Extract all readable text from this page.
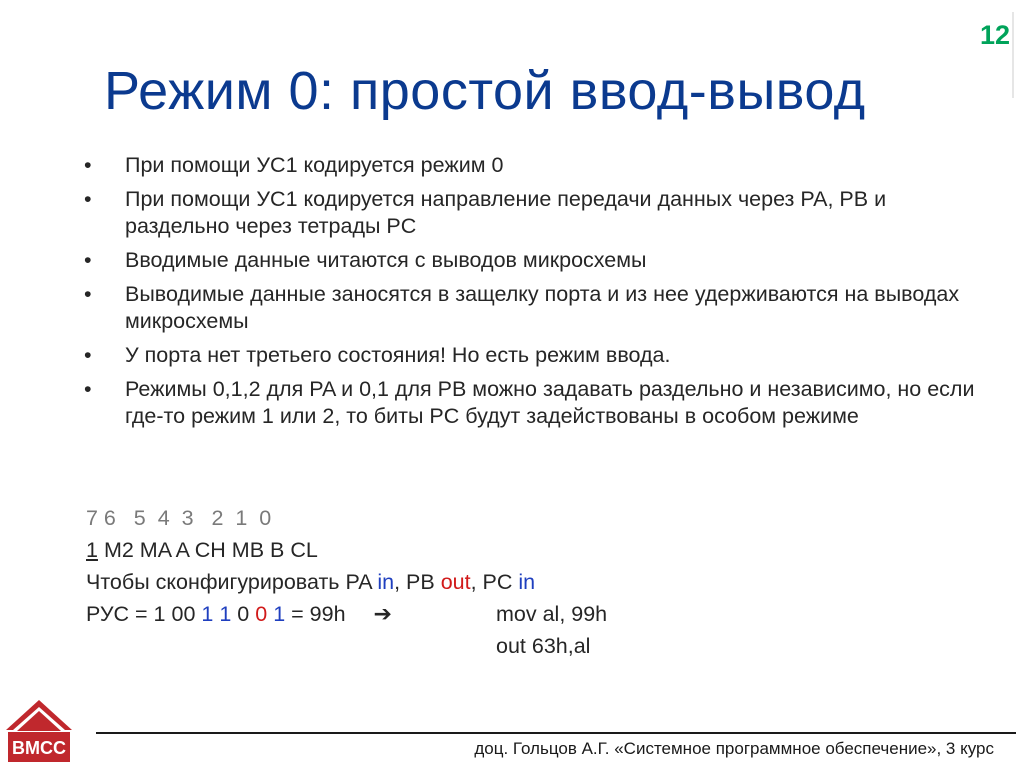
12
Режим 0: простой ввод-вывод
• При помощи УС1 кодируется режим 0
• При помощи УС1 кодируется направление передачи данных через PA, PB и раздельно через тетрады PC
• Вводимые данные читаются с выводов микросхемы
• Выводимые данные заносятся в защелку порта и из нее удерживаются на выводах микросхемы
• У порта нет третьего состояния! Но есть режим ввода.
• Режимы 0,1,2 для PA и 0,1 для PB можно задавать раздельно и независимо, но если где-то режим 1 или 2, то биты PC будут задействованы в особом режиме
7 6   5  4  3   2  1  0
1 M2 MA A CH MB B CL
Чтобы сконфигурировать PA in, PB out, PC in
РУС = 1 00 1 1 0 0 1 = 99h ➔	mov al, 99h
out 63h,al
ВМСС	доц. Гольцов А.Г. «Системное программное обеспечение», 3 курс
